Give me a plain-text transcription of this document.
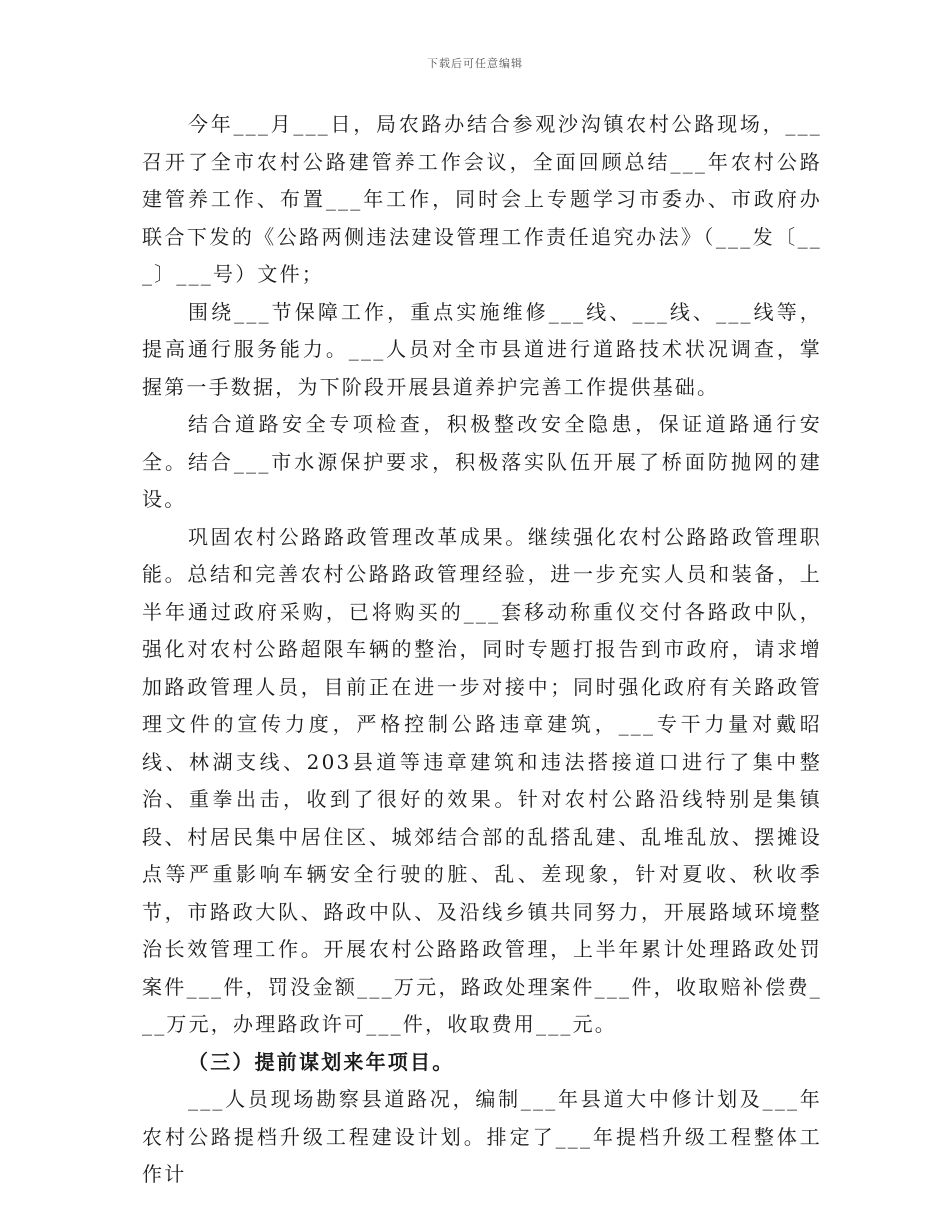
下载后可任意编辑

今年___月___日，局农路办结合参观沙沟镇农村公路现场，___召开了全市农村公路建管养工作会议，全面回顾总结___年农村公路建管养工作、布置___年工作，同时会上专题学习市委办、市政府办联合下发的《公路两侧违法建设管理工作责任追究办法》（___发〔___〕___号）文件；

围绕___节保障工作，重点实施维修___线、___线、___线等，提高通行服务能力。___人员对全市县道进行道路技术状况调查，掌握第一手数据，为下阶段开展县道养护完善工作提供基础。

结合道路安全专项检查，积极整改安全隐患，保证道路通行安全。结合___市水源保护要求，积极落实队伍开展了桥面防抛网的建设。

巩固农村公路路政管理改革成果。继续强化农村公路路政管理职能。总结和完善农村公路路政管理经验，进一步充实人员和装备，上半年通过政府采购，已将购买的___套移动称重仪交付各路政中队，强化对农村公路超限车辆的整治，同时专题打报告到市政府，请求增加路政管理人员，目前正在进一步对接中；同时强化政府有关路政管理文件的宣传力度，严格控制公路违章建筑，___专干力量对戴昭线、林湖支线、203县道等违章建筑和违法搭接道口进行了集中整治、重拳出击，收到了很好的效果。针对农村公路沿线特别是集镇段、村居民集中居住区、城郊结合部的乱搭乱建、乱堆乱放、摆摊设点等严重影响车辆安全行驶的脏、乱、差现象，针对夏收、秋收季节，市路政大队、路政中队、及沿线乡镇共同努力，开展路域环境整治长效管理工作。开展农村公路路政管理，上半年累计处理路政处罚案件___件，罚没金额___万元，路政处理案件___件，收取赔补偿费___万元，办理路政许可___件，收取费用___元。

（三）提前谋划来年项目。

___人员现场勘察县道路况，编制___年县道大中修计划及___年农村公路提档升级工程建设计划。排定了___年提档升级工程整体工作计
